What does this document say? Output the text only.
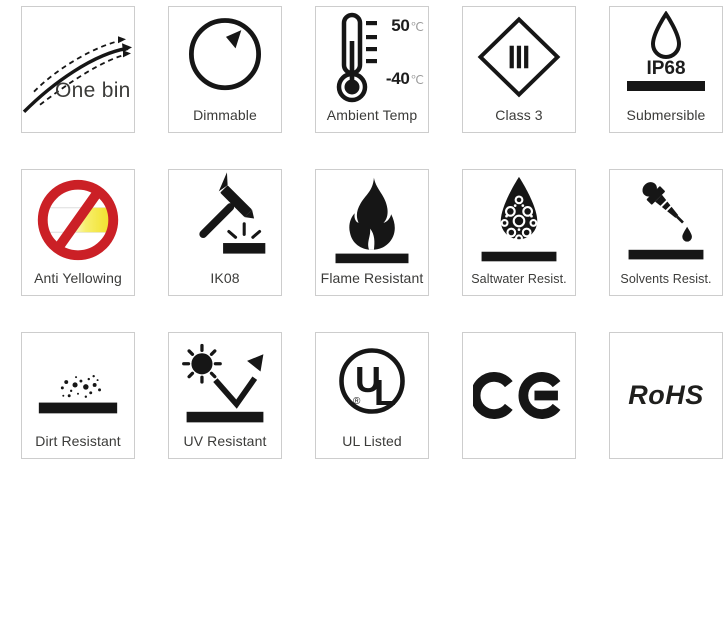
One bin
Dimmable
50℃
-40℃
Ambient Temp	Class 3
IP68
Submersible
Anti Yellowing	IK08	Flame Resistant	Saltwater Resist.	Solvents Resist.
Dirt Resistant	UV Resistant
U
L
®
UL Listed
RoHS
